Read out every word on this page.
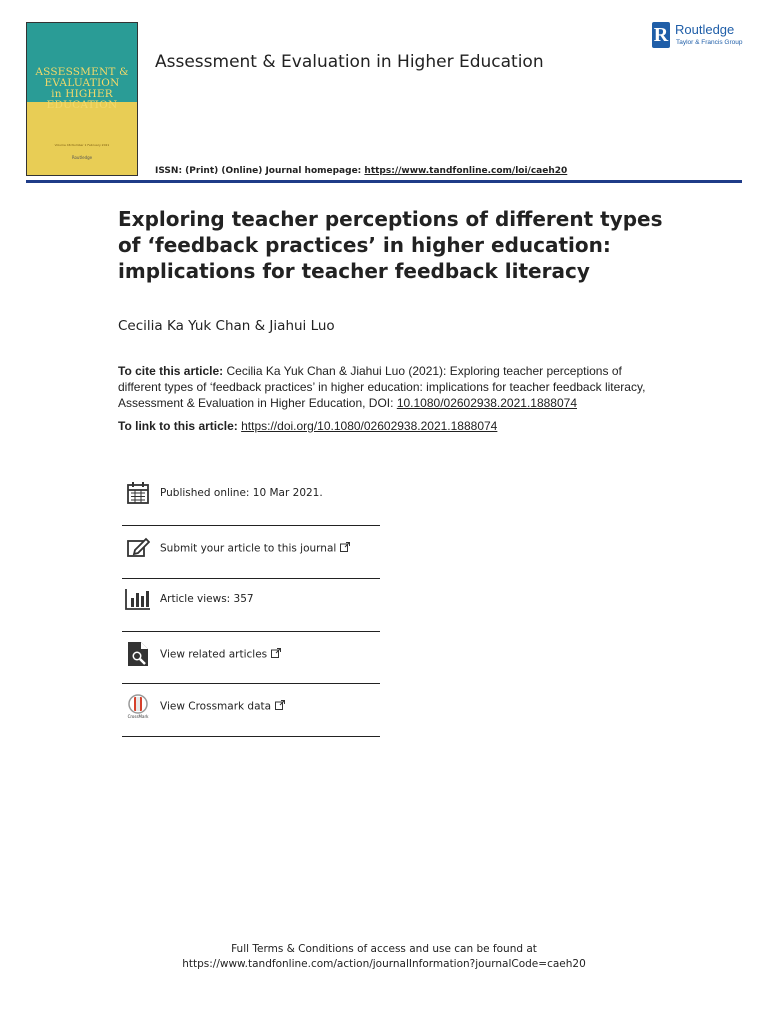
ASSESSMENT &
EVALUATION
in HIGHER
EDUCATION
Volume 46 Number 1 February 2021
Routledge
Assessment & Evaluation in Higher Education
ISSN: (Print) (Online) Journal homepage: https://www.tandfonline.com/loi/caeh20
R Routledge
Taylor & Francis Group
Exploring teacher perceptions of different types of ‘feedback practices’ in higher education: implications for teacher feedback literacy
Cecilia Ka Yuk Chan & Jiahui Luo
To cite this article: Cecilia Ka Yuk Chan & Jiahui Luo (2021): Exploring teacher perceptions of different types of ‘feedback practices’ in higher education: implications for teacher feedback literacy, Assessment & Evaluation in Higher Education, DOI: 10.1080/02602938.2021.1888074
To link to this article: https://doi.org/10.1080/02602938.2021.1888074
Published online: 10 Mar 2021.
Submit your article to this journal
Article views: 357
View related articles
CrossMark
View Crossmark data
Full Terms & Conditions of access and use can be found at
https://www.tandfonline.com/action/journalInformation?journalCode=caeh20
